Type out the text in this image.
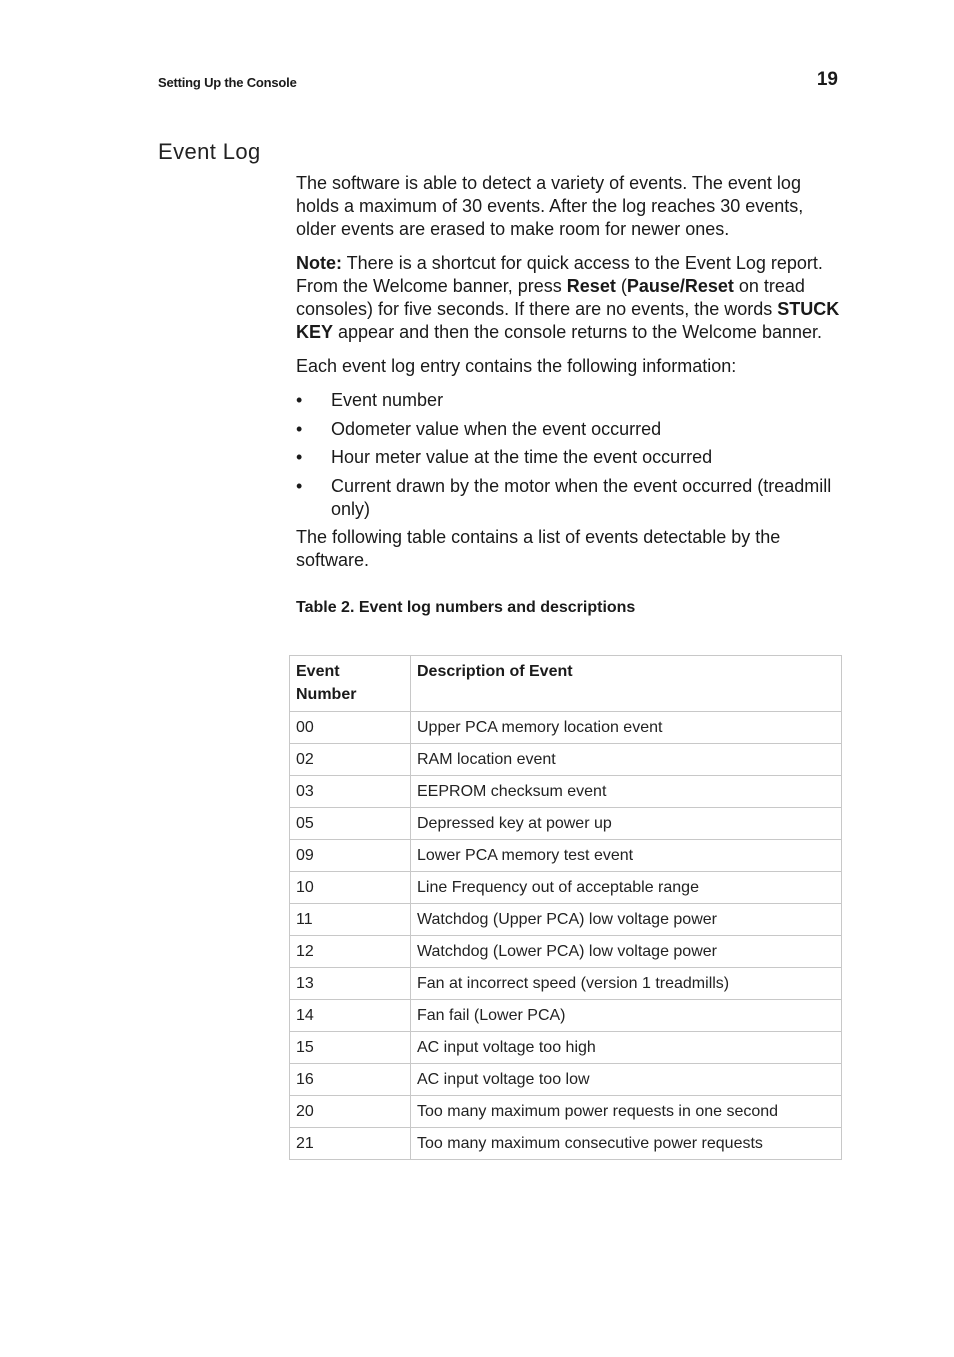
Setting Up the Console	19
Event Log

The software is able to detect a variety of events. The event log holds a maximum of 30 events. After the log reaches 30 events, older events are erased to make room for newer ones.

Note: There is a shortcut for quick access to the Event Log report. From the Welcome banner, press Reset (Pause/Reset on tread consoles) for five seconds. If there are no events, the words STUCK KEY appear and then the console returns to the Welcome banner.

Each event log entry contains the following information:

• Event number
• Odometer value when the event occurred
• Hour meter value at the time the event occurred
• Current drawn by the motor when the event occurred (treadmill only)

The following table contains a list of events detectable by the software.

Table 2. Event log numbers and descriptions
Event Number	Description of Event
00	Upper PCA memory location event
02	RAM location event
03	EEPROM checksum event
05	Depressed key at power up
09	Lower PCA memory test event
10	Line Frequency out of acceptable range
11	Watchdog (Upper PCA) low voltage power
12	Watchdog (Lower PCA) low voltage power
13	Fan at incorrect speed (version 1 treadmills)
14	Fan fail (Lower PCA)
15	AC input voltage too high
16	AC input voltage too low
20	Too many maximum power requests in one second
21	Too many maximum consecutive power requests
